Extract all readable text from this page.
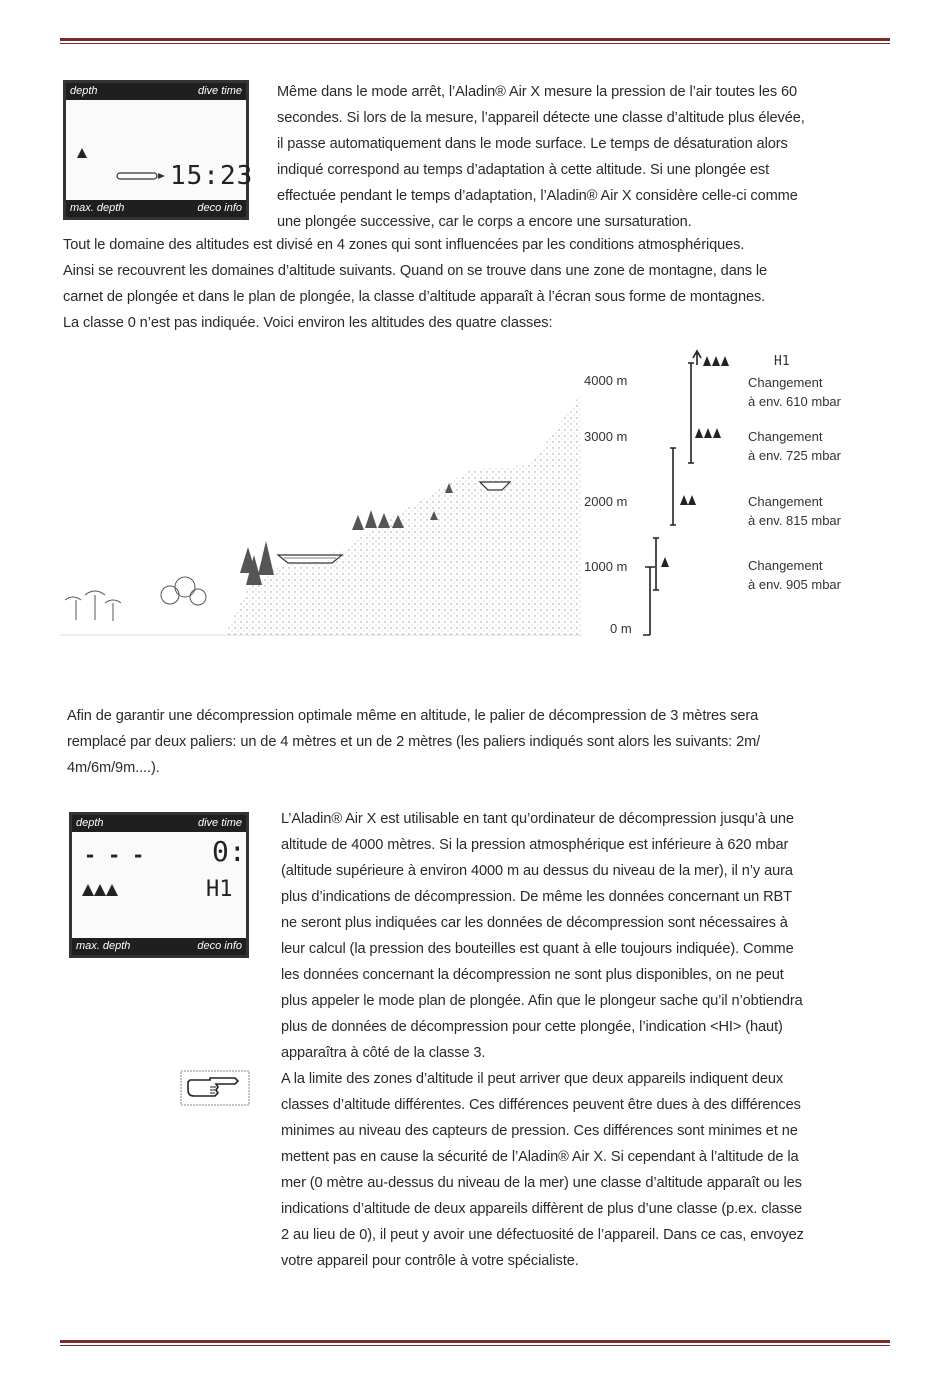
depth	dive time
15:23
max. depth	deco info
Même dans le mode arrêt, l’Aladin® Air X mesure la pression de l’air toutes les 60
secondes. Si lors de la mesure, l’appareil détecte une classe d’altitude plus élevée,
il passe automatiquement dans le mode surface. Le temps de désaturation alors
indiqué correspond au temps d’adaptation à cette altitude. Si une plongée est
effectuée pendant le temps d’adaptation, l’Aladin® Air X considère celle-ci comme
une plongée successive, car le corps a encore une sursaturation.
Tout le domaine des altitudes est divisé en 4 zones qui sont influencées par les conditions atmosphériques.
Ainsi se recouvrent les domaines d’altitude suivants. Quand on se trouve dans une zone de montagne, dans le
carnet de plongée et dans le plan de plongée, la classe d’altitude apparaît à l’écran sous forme de montagnes.
La classe 0 n’est pas indiquée. Voici environ les altitudes des quatre classes:
4000 m
3000 m
2000 m
1000 m
0 m
H1
Changement
à env. 610 mbar
Changement
à env. 725 mbar
Changement
à env. 815 mbar
Changement
à env. 905 mbar
Afin de garantir une décompression optimale même en altitude, le palier de décompression de 3 mètres sera
remplacé par deux paliers: un de 4 mètres et un de 2 mètres (les paliers indiqués sont alors les suivants: 2m/
4m/6m/9m....).
depth	dive time
- - - 0:
H1
max. depth	deco info
L’Aladin® Air X est utilisable en tant qu’ordinateur de décompression jusqu’à une
altitude de 4000 mètres. Si la pression atmosphérique est inférieure à 620 mbar
(altitude supérieure à environ 4000 m au dessus du niveau de la mer), il n’y aura
plus d’indications de décompression. De même les données concernant un RBT
ne seront plus indiquées car les données de décompression sont nécessaires à
leur calcul (la pression des bouteilles est quant à elle toujours indiquée). Comme
les données concernant la décompression ne sont plus disponibles, on ne peut
plus appeler le mode plan de plongée. Afin que le plongeur sache qu’il n’obtiendra
plus de données de décompression pour cette plongée, l’indication <HI> (haut)
apparaîtra à côté de la classe 3.
A la limite des zones d’altitude il peut arriver que deux appareils indiquent deux
classes d’altitude différentes. Ces différences peuvent être dues à des différences
minimes au niveau des capteurs de pression. Ces différences sont minimes et ne
mettent pas en cause la sécurité de l’Aladin® Air X. Si cependant à l’altitude de la
mer (0 mètre au-dessus du niveau de la mer) une classe d’altitude apparaît ou les
indications d’altitude de deux appareils diffèrent de plus d’une classe (p.ex. classe
2 au lieu de 0), il peut y avoir une défectuosité de l’appareil. Dans ce cas, envoyez
votre appareil pour contrôle à votre spécialiste.
